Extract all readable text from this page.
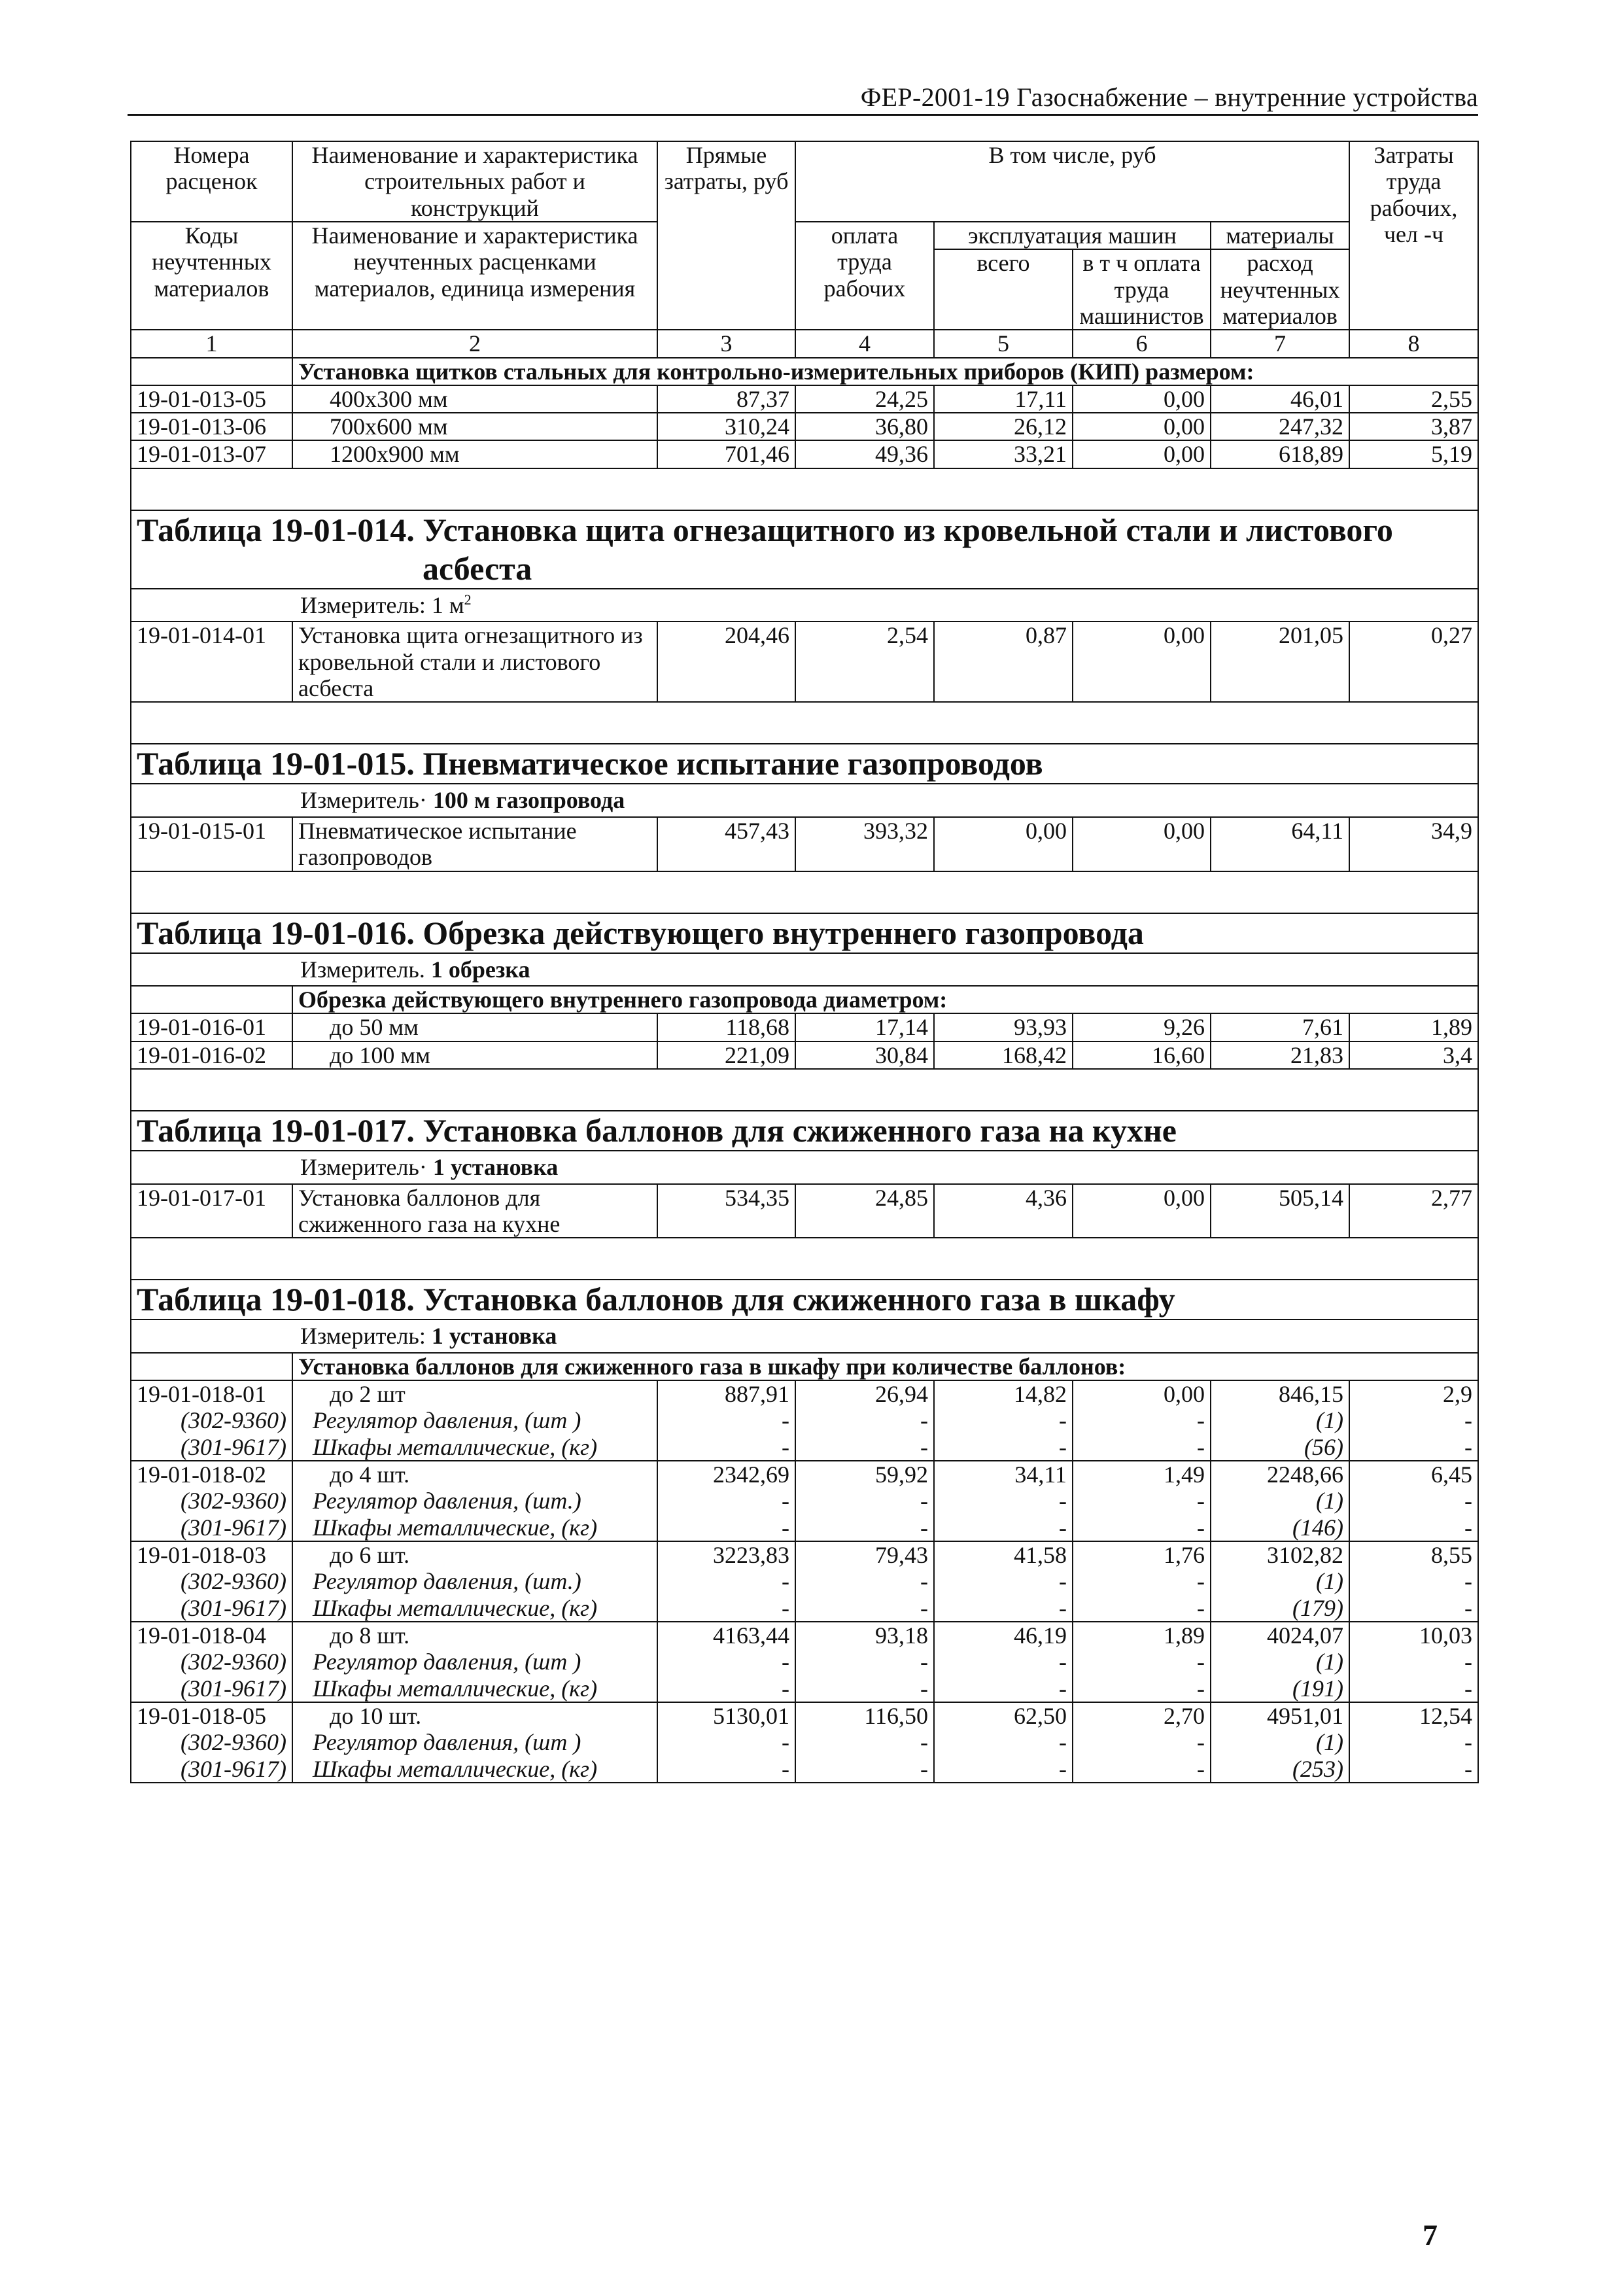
ФЕР-2001-19 Газоснабжение – внутренние устройства
Номера расценок	Наименование и характеристика строительных работ и конструкций	Прямые затраты, руб	В том числе, руб				Затраты труда рабочих, чел -ч
Коды неучтенных материалов	Наименование и характеристика неучтенных расценками материалов, единица измерения		оплата труда рабочих	эксплуатация машин		материалы	
				всего	в т ч оплата труда машинистов	расход неучтенных материалов	
1	2	3	4	5	6	7	8
	Установка щитков стальных для контрольно-измерительных приборов (КИП) размером:						
19-01-013-05	400х300 мм	87,37	24,25	17,11	0,00	46,01	2,55
19-01-013-06	700х600 мм	310,24	36,80	26,12	0,00	247,32	3,87
19-01-013-07	1200х900 мм	701,46	49,36	33,21	0,00	618,89	5,19

Таблица 19-01-014. Установка щита огнезащитного из кровельной стали и листового
асбеста							

Измеритель: 1 $м^2$

19-01-014-01	Установка щита огнезащитного из кровельной стали и листового асбеста	204,46	2,54	0,87	0,00	201,05	0,27

Таблица 19-01-015. Пневматическое испытание газопроводов							

Измеритель· 100 м газопровода							

19-01-015-01	Пневматическое испытание газопроводов	457,43	393,32	0,00	0,00	64,11	34,9

Таблица 19-01-016. Обрезка действующего внутреннего газопровода							

Измеритель. 1 обрезка							

	Обрезка действующего внутреннего газопровода диаметром:						
19-01-016-01	до 50 мм	118,68	17,14	93,93	9,26	7,61	1,89
19-01-016-02	до 100 мм	221,09	30,84	168,42	16,60	21,83	3,4

Таблица 19-01-017. Установка баллонов для сжиженного газа на кухне							

Измеритель· 1 установка							

19-01-017-01	Установка баллонов для сжиженного газа на кухне	534,35	24,85	4,36	0,00	505,14	2,77

Таблица 19-01-018. Установка баллонов для сжиженного газа в шкафу							

Измеритель: 1 установка							

	Установка баллонов для сжиженного газа в шкафу при количестве баллонов:						
19-01-018-01	до 2 шт	887,91	26,94	14,82	0,00	846,15	2,9
(302-9360)	Регулятор давления, (шт )	-	-	-	-	(1)	-
(301-9617)	Шкафы металлические, (кг)	-	-	-	-	(56)	-
19-01-018-02	до 4 шт.	2342,69	59,92	34,11	1,49	2248,66	6,45
(302-9360)	Регулятор давления, (шт.)	-	-	-	-	(1)	-
(301-9617)	Шкафы металлические, (кг)	-	-	-	-	(146)	-
19-01-018-03	до 6 шт.	3223,83	79,43	41,58	1,76	3102,82	8,55
(302-9360)	Регулятор давления, (шт.)	-	-	-	-	(1)	-
(301-9617)	Шкафы металлические, (кг)	-	-	-	-	(179)	-
19-01-018-04	до 8 шт.	4163,44	93,18	46,19	1,89	4024,07	10,03
(302-9360)	Регулятор давления, (шт )	-	-	-	-	(1)	-
(301-9617)	Шкафы металлические, (кг)	-	-	-	-	(191)	-
19-01-018-05	до 10 шт.	5130,01	116,50	62,50	2,70	4951,01	12,54
(302-9360)	Регулятор давления, (шт )	-	-	-	-	(1)	-
(301-9617)	Шкафы металлические, (кг)	-	-	-	-	(253)	-
7
